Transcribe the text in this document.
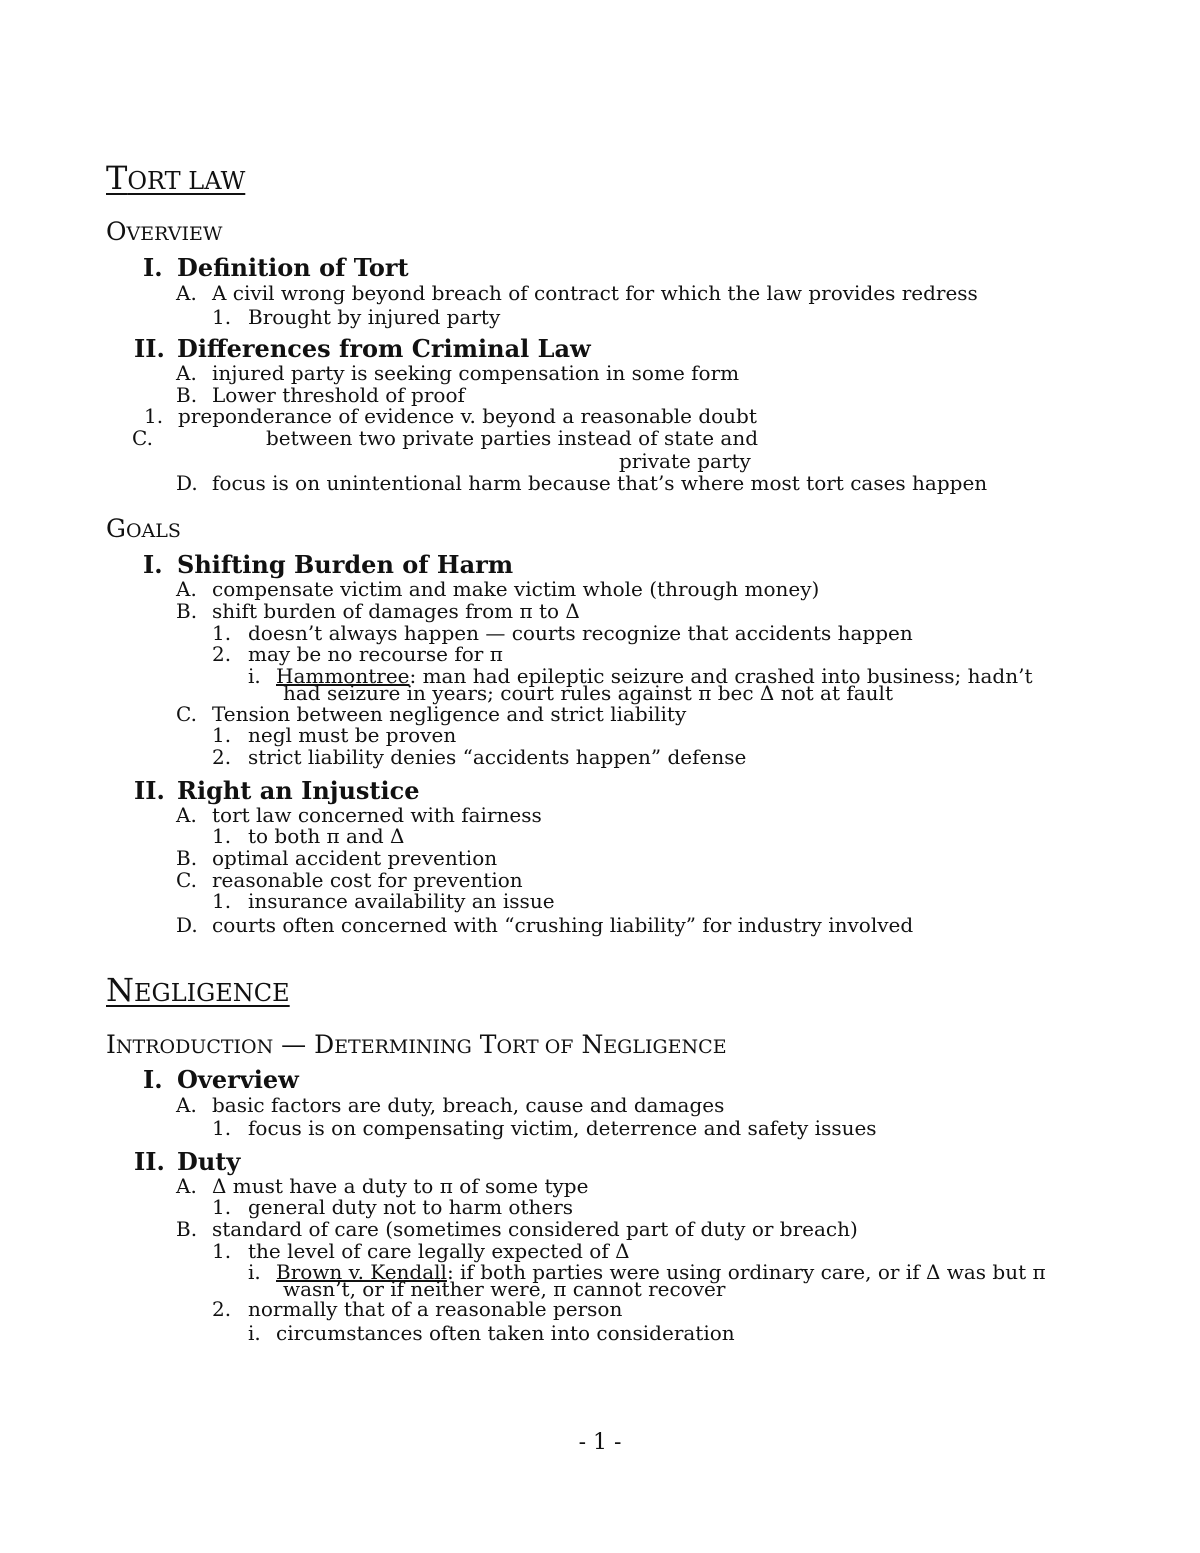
TORT LAW
OVERVIEW
I. Definition of Tort
A. A civil wrong beyond breach of contract for which the law provides redress
1. Brought by injured party
II. Differences from Criminal Law
A. injured party is seeking compensation in some form
B. Lower threshold of proof
1. preponderance of evidence v. beyond a reasonable doubt
C.	between two private parties instead of state and
private party
D. focus is on unintentional harm because that’s where most tort cases happen
GOALS
I. Shifting Burden of Harm
A. compensate victim and make victim whole (through money)
B. shift burden of damages from π to Δ
1. doesn’t always happen — courts recognize that accidents happen
2. may be no recourse for π
i. Hammontree: man had epileptic seizure and crashed into business; hadn’t
had seizure in years; court rules against π bec Δ not at fault
C. Tension between negligence and strict liability
1. negl must be proven
2. strict liability denies “accidents happen” defense
II. Right an Injustice
A. tort law concerned with fairness
1. to both π and Δ
B. optimal accident prevention
C. reasonable cost for prevention
1. insurance availability an issue
D. courts often concerned with “crushing liability” for industry involved
NEGLIGENCE
INTRODUCTION — DETERMINING TORT OF NEGLIGENCE
I. Overview
A. basic factors are duty, breach, cause and damages
1. focus is on compensating victim, deterrence and safety issues
II. Duty
A. Δ must have a duty to π of some type
1. general duty not to harm others
B. standard of care (sometimes considered part of duty or breach)
1. the level of care legally expected of Δ
i. Brown v. Kendall: if both parties were using ordinary care, or if Δ was but π
wasn’t, or if neither were, π cannot recover
2. normally that of a reasonable person
i. circumstances often taken into consideration
- 1 -
